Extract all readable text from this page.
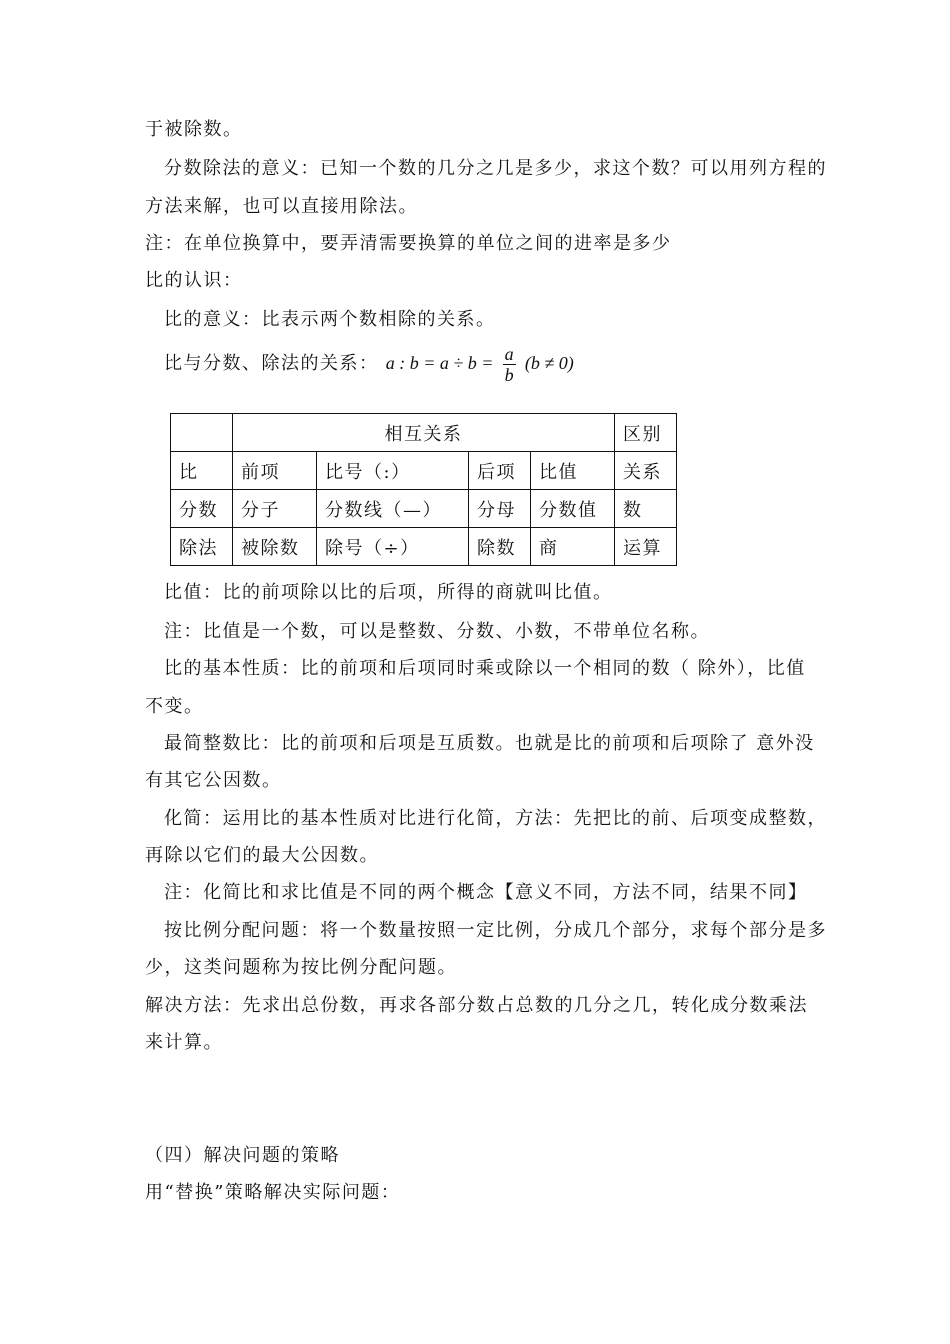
于被除数。
分数除法的意义：已知一个数的几分之几是多少，求这个数？可以用列方程的
方法来解，也可以直接用除法。
注：在单位换算中，要弄清需要换算的单位之间的进率是多少
比的认识：
比的意义：比表示两个数相除的关系。
比与分数、除法的关系： a : $b = a \div b = \frac{a}{b} (b \ne 0)$
	相互关系				区别
比	前项	比号（:）	后项	比值	关系
分数	分子	分数线（—）	分母	分数值	数
除法	被除数	除号（÷）	除数	商	运算
比值：比的前项除以比的后项，所得的商就叫比值。
注：比值是一个数，可以是整数、分数、小数，不带单位名称。
比的基本性质：比的前项和后项同时乘或除以一个相同的数（ 除外），比值
不变。
最简整数比：比的前项和后项是互质数。也就是比的前项和后项除了 意外没
有其它公因数。
化简：运用比的基本性质对比进行化简，方法：先把比的前、后项变成整数，
再除以它们的最大公因数。
注：化简比和求比值是不同的两个概念【意义不同，方法不同，结果不同】
按比例分配问题：将一个数量按照一定比例，分成几个部分，求每个部分是多
少，这类问题称为按比例分配问题。
解决方法：先求出总份数，再求各部分数占总数的几分之几，转化成分数乘法
来计算。
（四）解决问题的策略
用“替换”策略解决实际问题：
